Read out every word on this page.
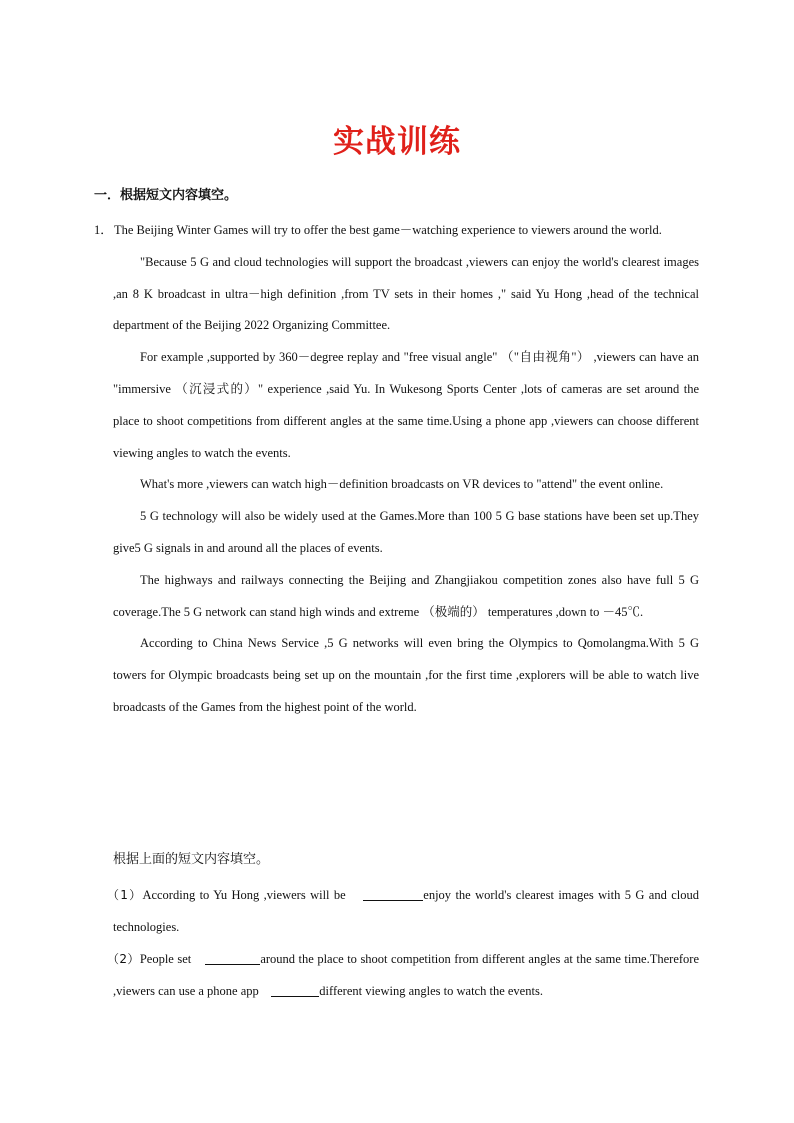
实战训练
一．根据短文内容填空。

1．The Beijing Winter Games will try to offer the best game－watching experience to viewers around the world.

"Because 5 G and cloud technologies will support the broadcast ,viewers can enjoy the world's clearest images ,an 8 K broadcast in ultra－high definition ,from TV sets in their homes ," said Yu Hong ,head of the technical department of the Beijing 2022 Organizing Committee.

For example ,supported by 360－degree replay and "free visual angle" （"自由视角"） ,viewers can have an "immersive （沉浸式的）" experience ,said Yu. In Wukesong Sports Center ,lots of cameras are set around the place to shoot competitions from different angles at the same time.Using a phone app ,viewers can choose different viewing angles to watch the events.

What's more ,viewers can watch high－definition broadcasts on VR devices to "attend" the event online.

5 G technology will also be widely used at the Games.More than 100 5 G base stations have been set up.They give5 G signals in and around all the places of events.

The highways and railways connecting the Beijing and Zhangjiakou competition zones also have full 5 G coverage.The 5 G network can stand high winds and extreme （极端的） temperatures ,down to －45℃.

According to China News Service ,5 G networks will even bring the Olympics to Qomolangma.With 5 G towers for Olympic broadcasts being set up on the mountain ,for the first time ,explorers will be able to watch live broadcasts of the Games from the highest point of the world.

根据上面的短文内容填空。

（1）According to Yu Hong ,viewers will be	enjoy the world's clearest images with 5 G and cloud technologies.

（2）People set	around the place to shoot competition from different angles at the same time.Therefore ,viewers can use a phone app	different viewing angles to watch the events.
